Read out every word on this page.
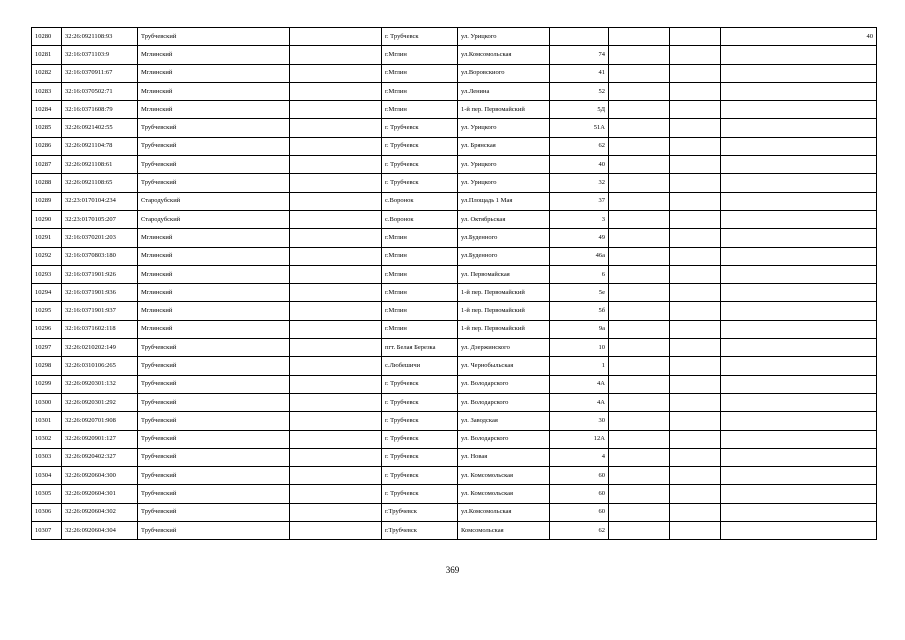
10280	32:26:0921108:93	Трубчевский		г. Трубчевск	ул. Урицкого				40
10281	32:16:0371103:9	Мглинский		г.Мглин	ул.Комсомольская	74			
10282	32:16:0370911:67	Мглинский		г.Мглин	ул.Воровскиого	41			
10283	32:16:0370502:71	Мглинский		г.Мглин	ул.Ленина	52			
10284	32:16:0371608:79	Мглинский		г.Мглин	1-й пер. Первомайский	5Д			
10285	32:26:0921402:55	Трубчевский		г. Трубчевск	ул. Урицкого	51А			
10286	32:26:0921104:78	Трубчевский		г. Трубчевск	ул. Брянская	62			
10287	32:26:0921108:61	Трубчевский		г. Трубчевск	ул. Урицкого	40			
10288	32:26:0921108:65	Трубчевский		г. Трубчевск	ул. Урицкого	32			
10289	32:23:0170104:234	Стародубский		с.Воронок	ул.Площадь 1 Мая	37			
10290	32:23:0170105:207	Стародубский		с.Воронок	ул. Октябрьская	3			
10291	32:16:0370201:203	Мглинский		г.Мглин	ул.Буденного	49			
10292	32:16:0370803:180	Мглинский		г.Мглин	ул.Буденного	46а			
10293	32:16:0371901:926	Мглинский		г.Мглин	ул. Первомайская	6			
10294	32:16:0371901:936	Мглинский		г.Мглин	1-й пер. Первомайский	5е			
10295	32:16:0371901:937	Мглинский		г.Мглин	1-й пер. Первомайский	5б			
10296	32:16:0371602:118	Мглинский		г.Мглин	1-й пер. Первомайский	9а			
10297	32:26:0210202:149	Трубчевский		пгт. Белая Березка	ул. Дзержинского	10			
10298	32:26:0310106:265	Трубчевский		с.Любешичи	ул. Чернобыльская	1			
10299	32:26:0920301:132	Трубчевский		г. Трубчевск	ул. Володарского	4А			
10300	32:26:0920301:292	Трубчевский		г. Трубчевск	ул. Володарского	4А			
10301	32:26:0920701:908	Трубчевский		г. Трубчевск	ул. Заводская	30			
10302	32:26:0920901:127	Трубчевский		г. Трубчевск	ул. Володарского	12А			
10303	32:26:0920402:327	Трубчевский		г. Трубчевск	ул. Новая	4			
10304	32:26:0920604:300	Трубчевский		г. Трубчевск	ул. Комсомольская	60			
10305	32:26:0920604:301	Трубчевский		г. Трубчевск	ул. Комсомольская	60			
10306	32:26:0920604:302	Трубчевский		г.Трубчевск	ул.Комсомольская	60			
10307	32:26:0920604:304	Трубчевский		г.Трубчевск	Комсомольская	62			
369
